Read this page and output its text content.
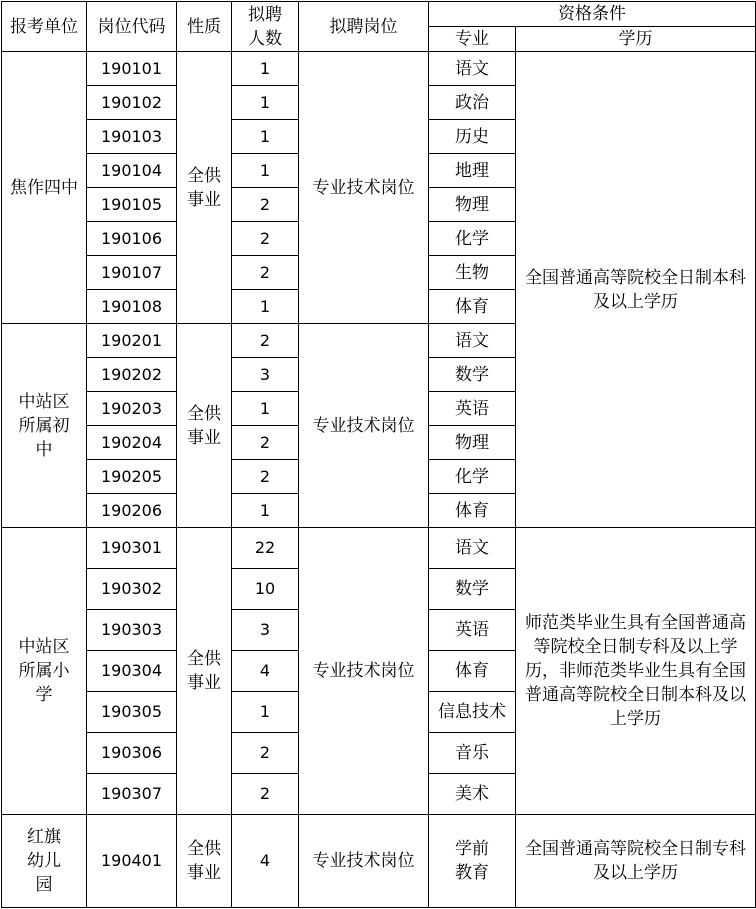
报考单位	岗位代码	性质	拟聘人数	拟聘岗位	资格条件	
					专业	学历
焦作四中	190101	全供事业	1	专业技术岗位	语文	全国普通高等院校全日制本科及以上学历
	190102		1		政治	
	190103		1		历史	
	190104		1		地理	
	190105		2		物理	
	190106		2		化学	
	190107		2		生物	
	190108		1		体育	
中站区所属初中	190201	全供事业	2	专业技术岗位	语文	
	190202		3		数学	
	190203		1		英语	
	190204		2		物理	
	190205		2		化学	
	190206		1		体育	
中站区所属小学	190301	全供事业	22	专业技术岗位	语文	师范类毕业生具有全国普通高等院校全日制专科及以上学历，非师范类毕业生具有全国普通高等院校全日制本科及以上学历
	190302		10		数学	
	190303		3		英语	
	190304		4		体育	
	190305		1		信息技术	
	190306		2		音乐	
	190307		2		美术	
红旗幼儿园	190401	全供事业	4	专业技术岗位	学前教育	全国普通高等院校全日制专科及以上学历
